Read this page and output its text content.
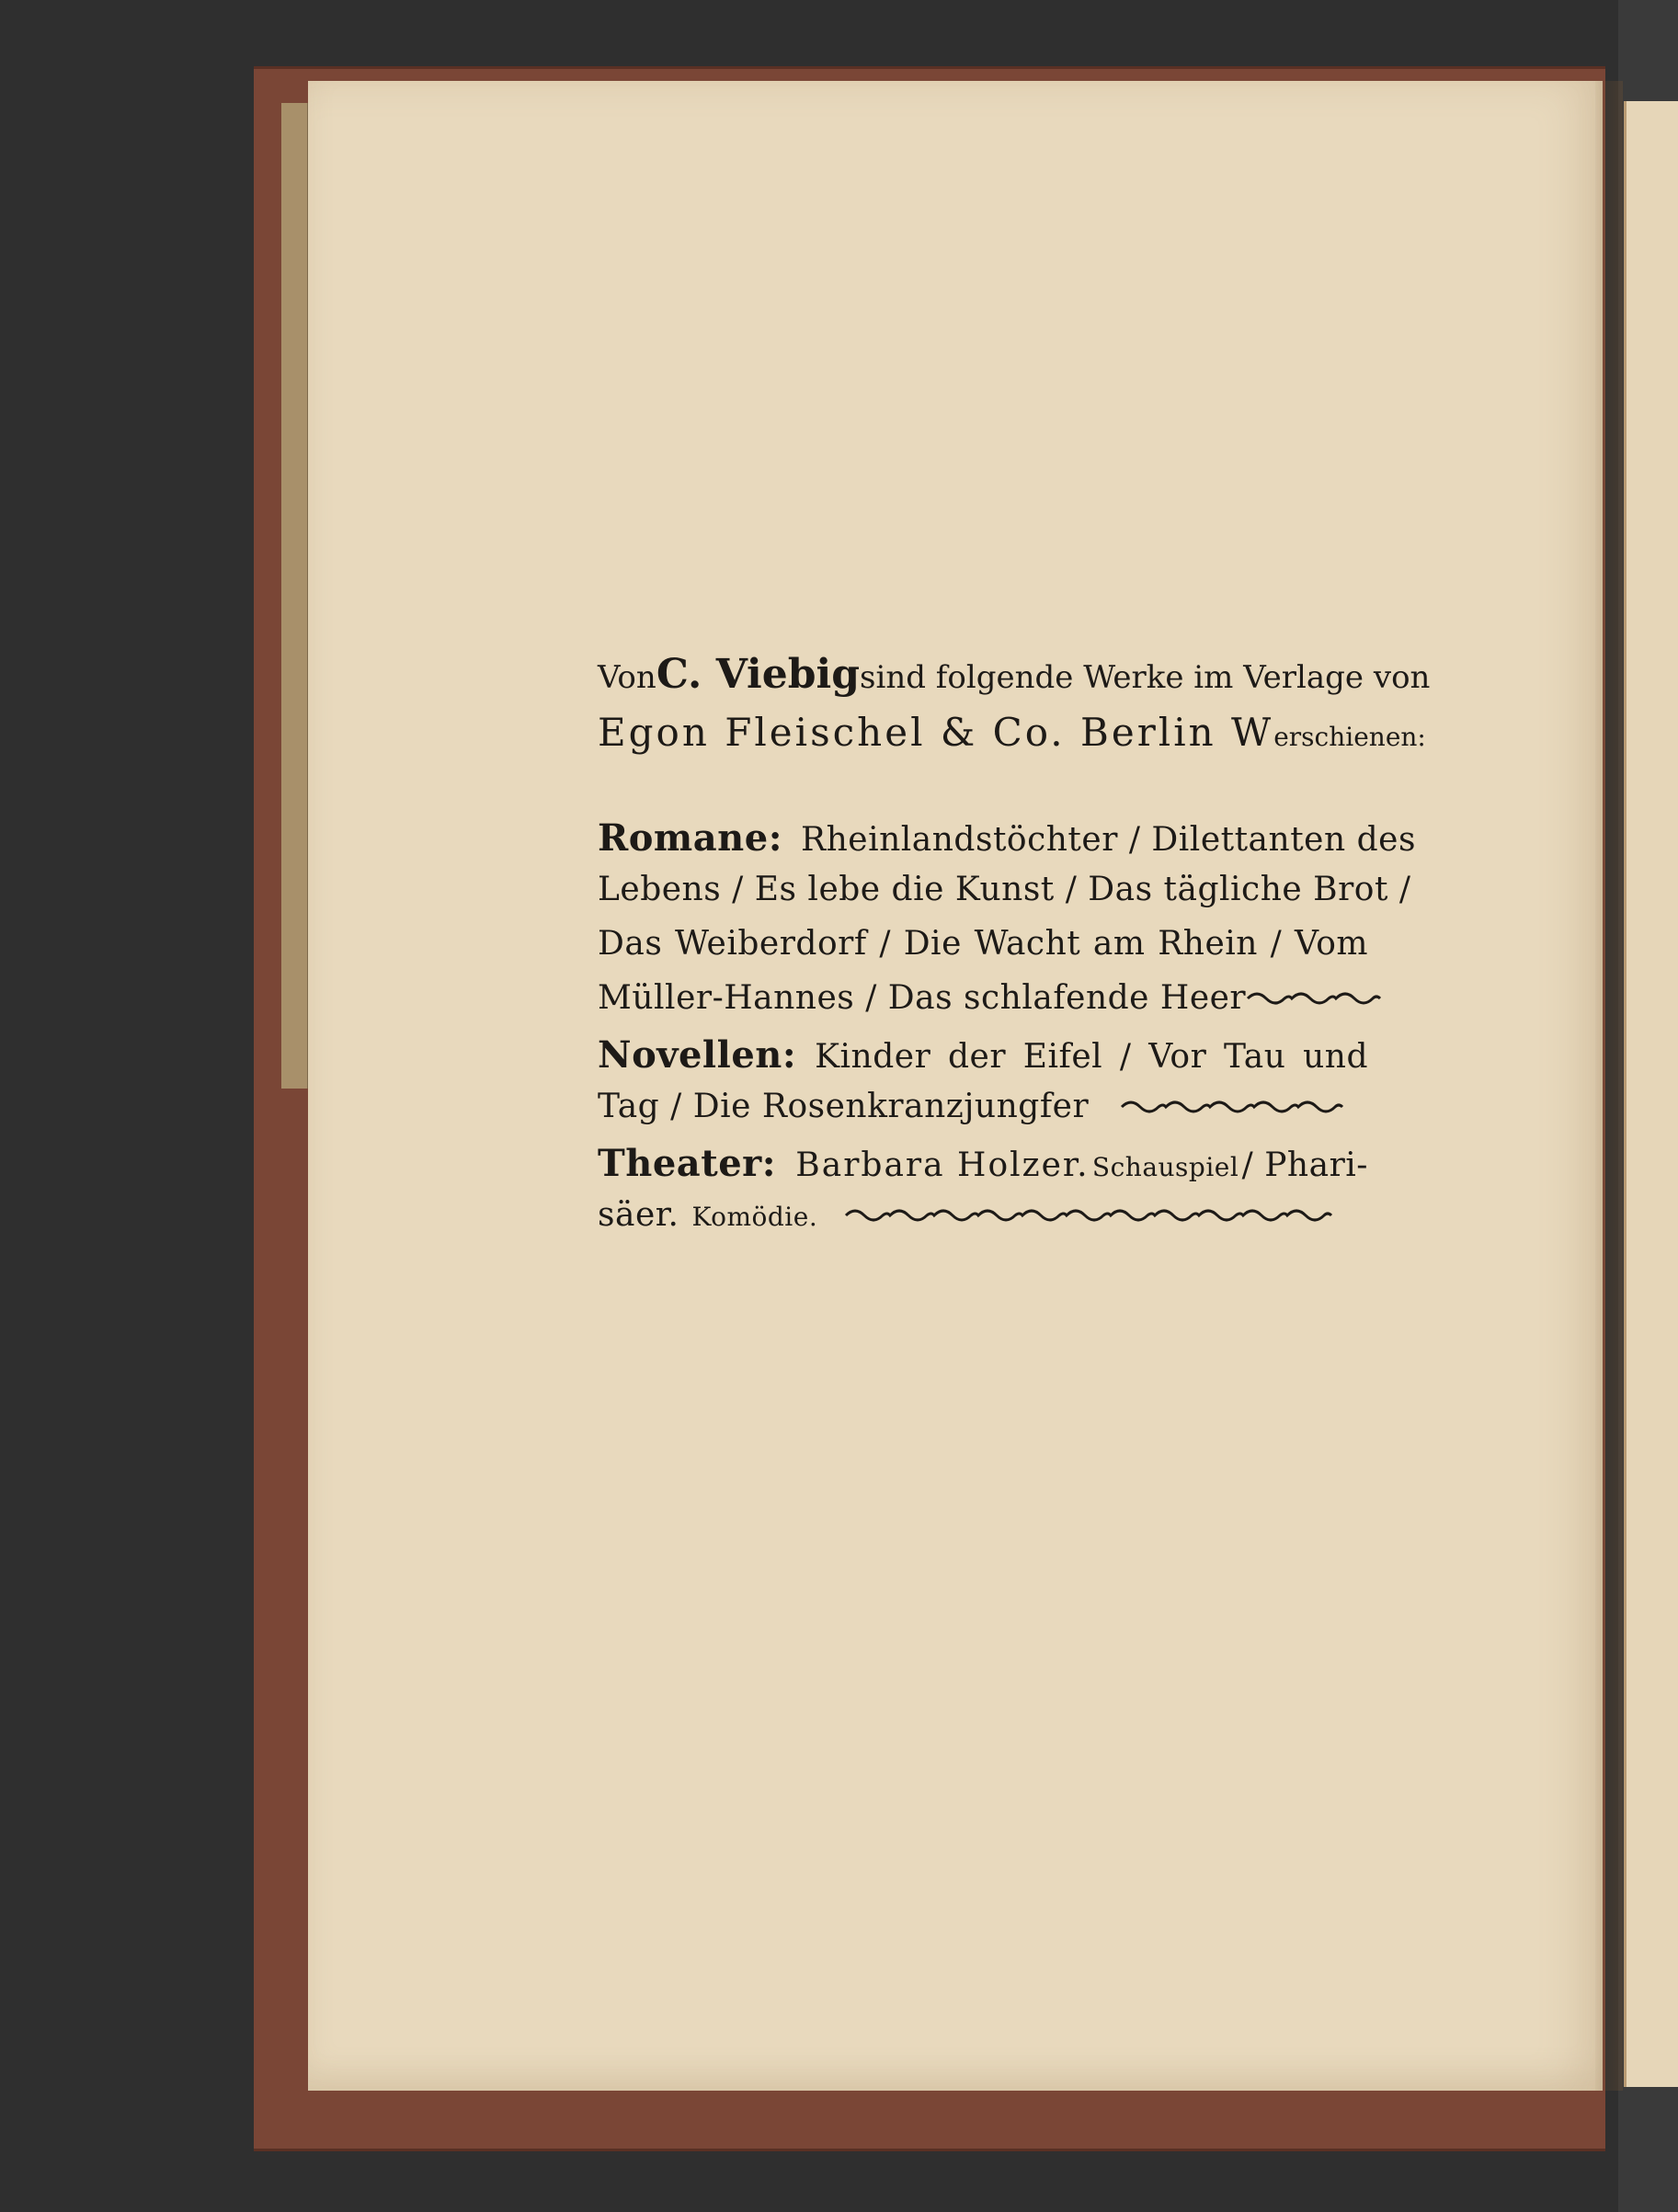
Von C. Viebig sind folgende Werke im Verlage von
Egon Fleischel & Co. Berlin W erschienen:
Romane: Rheinlandstöchter / Dilettanten des
Lebens / Es lebe die Kunst / Das tägliche Brot /
Das Weiberdorf / Die Wacht am Rhein / Vom
Müller-Hannes / Das schlafende Heer
Novellen: Kinder der Eifel / Vor Tau und
Tag / Die Rosenkranzjungfer
Theater: Barbara Holzer. Schauspiel / Phari-
säer. Komödie.
